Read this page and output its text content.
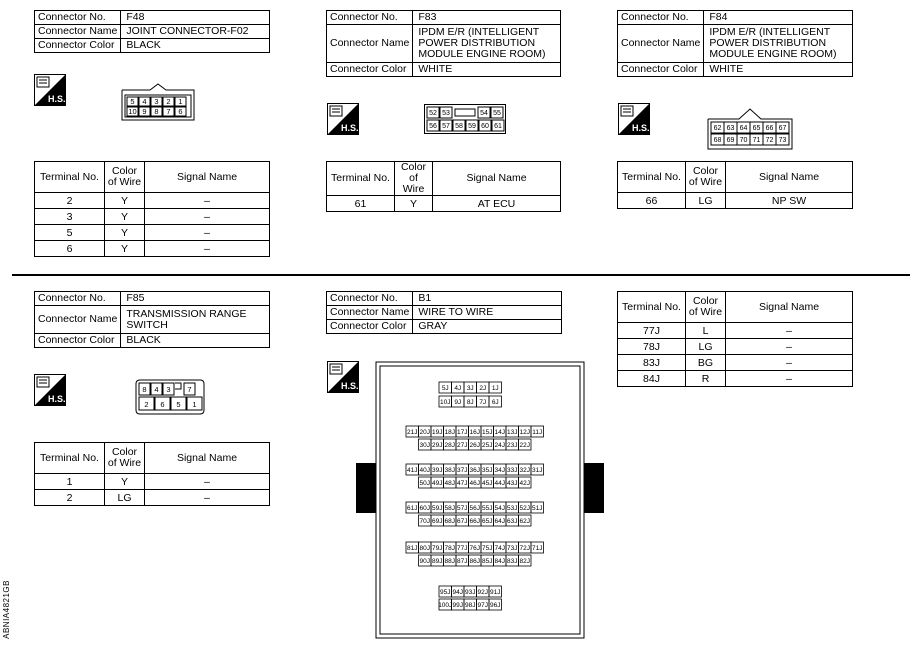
Connector No.	F48
Connector Name	JOINT CONNECTOR-F02
Connector Color	BLACK
H.S.	5 4 3 2 1
10 9 8 7 6
Terminal No.	Color of Wire	Signal Name
2	Y	–
3	Y	–
5	Y	–
6	Y	–
Connector No.	F83
Connector Name	IPDM E/R (INTELLIGENT POWER DISTRIBUTION MODULE ENGINE ROOM)
Connector Color	WHITE
H.S.
52 53	54 55
56 57 58 59 60 61
Terminal No.	Color of Wire	Signal Name
61	Y	AT ECU
Connector No.	F84
Connector Name	IPDM E/R (INTELLIGENT POWER DISTRIBUTION MODULE ENGINE ROOM)
Connector Color	WHITE
H.S.	62 63 64 65 66 67
68 69 70 71 72 73
Terminal No.	Color of Wire	Signal Name
66	LG	NP SW
Connector No.	F85
Connector Name	TRANSMISSION RANGE SWITCH
Connector Color	BLACK
H.S.
8 4 3 7
2 6 5 1
Terminal No.	Color of Wire	Signal Name
1	Y	–
2	LG	–
Connector No.	B1
Connector Name	WIRE TO WIRE
Connector Color	GRAY
H.S.	5J 4J 3J 2J 1J
10J 9J 8J 7J 6J
21J 20J 19J 18J 17J 16J 15J 14J 13J 12J 11J
30J 29J 28J 27J 26J 25J 24J 23J 22J
41J 40J 39J 38J 37J 36J 35J 34J 33J 32J 31J
50J 49J 48J 47J 46J 45J 44J 43J 42J
61J 60J 59J 58J 57J 56J 55J 54J 53J 52J 51J
70J 69J 68J 67J 66J 65J 64J 63J 62J
81J 80J 79J 78J 77J 76J 75J 74J 73J 72J 71J
90J 89J 88J 87J 86J 85J 84J 83J 82J
95J 94J 93J 92J 91J
100J 99J 98J 97J 96J
Terminal No.	Color of Wire	Signal Name
77J	L	–
78J	LG	–
83J	BG	–
84J	R	–
ABNIA4821GB
